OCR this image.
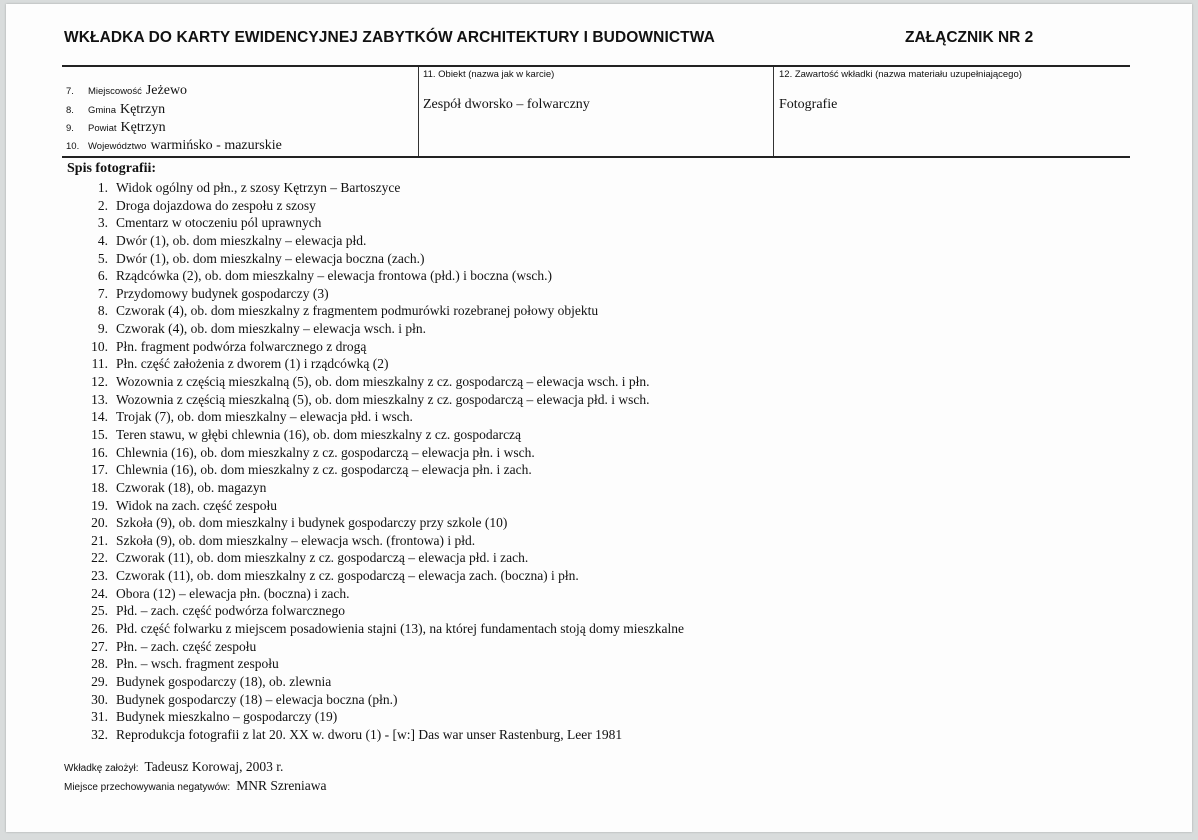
WKŁADKA DO KARTY EWIDENCYJNEJ ZABYTKÓW ARCHITEKTURY I BUDOWNICTWA	ZAŁĄCZNIK NR 2
7. Miejscowość Jeżewo
8. Gmina Kętrzyn
9. Powiat Kętrzyn
10. Województwo warmińsko - mazurskie
11. Obiekt (nazwa jak w karcie)
Zespół dworsko – folwarczny
12. Zawartość wkładki (nazwa materiału uzupełniającego)
Fotografie
Spis fotografii:
1. Widok ogólny od płn., z szosy Kętrzyn – Bartoszyce
2. Droga dojazdowa do zespołu z szosy
3. Cmentarz w otoczeniu pól uprawnych
4. Dwór (1), ob. dom mieszkalny – elewacja płd.
5. Dwór (1), ob. dom mieszkalny – elewacja boczna (zach.)
6. Rządcówka (2), ob. dom mieszkalny – elewacja frontowa (płd.) i boczna (wsch.)
7. Przydomowy budynek gospodarczy (3)
8. Czworak (4), ob. dom mieszkalny z fragmentem podmurówki rozebranej połowy objektu
9. Czworak (4), ob. dom mieszkalny – elewacja wsch. i płn.
10. Płn. fragment podwórza folwarcznego z drogą
11. Płn. część założenia z dworem (1) i rządcówką (2)
12. Wozownia z częścią mieszkalną (5), ob. dom mieszkalny z cz. gospodarczą – elewacja wsch. i płn.
13. Wozownia z częścią mieszkalną (5), ob. dom mieszkalny z cz. gospodarczą – elewacja płd. i wsch.
14. Trojak (7), ob. dom mieszkalny – elewacja płd. i wsch.
15. Teren stawu, w głębi chlewnia (16), ob. dom mieszkalny z cz. gospodarczą
16. Chlewnia (16), ob. dom mieszkalny z cz. gospodarczą – elewacja płn. i wsch.
17. Chlewnia (16), ob. dom mieszkalny z cz. gospodarczą – elewacja płn. i zach.
18. Czworak (18), ob. magazyn
19. Widok na zach. część zespołu
20. Szkoła (9), ob. dom mieszkalny i budynek gospodarczy przy szkole (10)
21. Szkoła (9), ob. dom mieszkalny – elewacja wsch. (frontowa) i płd.
22. Czworak (11), ob. dom mieszkalny z cz. gospodarczą – elewacja płd. i zach.
23. Czworak (11), ob. dom mieszkalny z cz. gospodarczą – elewacja zach. (boczna) i płn.
24. Obora (12) – elewacja płn. (boczna) i zach.
25. Płd. – zach. część podwórza folwarcznego
26. Płd. część folwarku z miejscem posadowienia stajni (13), na której fundamentach stoją domy mieszkalne
27. Płn. – zach. część zespołu
28. Płn. – wsch. fragment zespołu
29. Budynek gospodarczy (18), ob. zlewnia
30. Budynek gospodarczy (18) – elewacja boczna (płn.)
31. Budynek mieszkalno – gospodarczy (19)
32. Reprodukcja fotografii z lat 20. XX w. dworu (1) - [w:] Das war unser Rastenburg, Leer 1981
Wkładkę założył: Tadeusz Korowaj, 2003 r.
Miejsce przechowywania negatywów: MNR Szreniawa
